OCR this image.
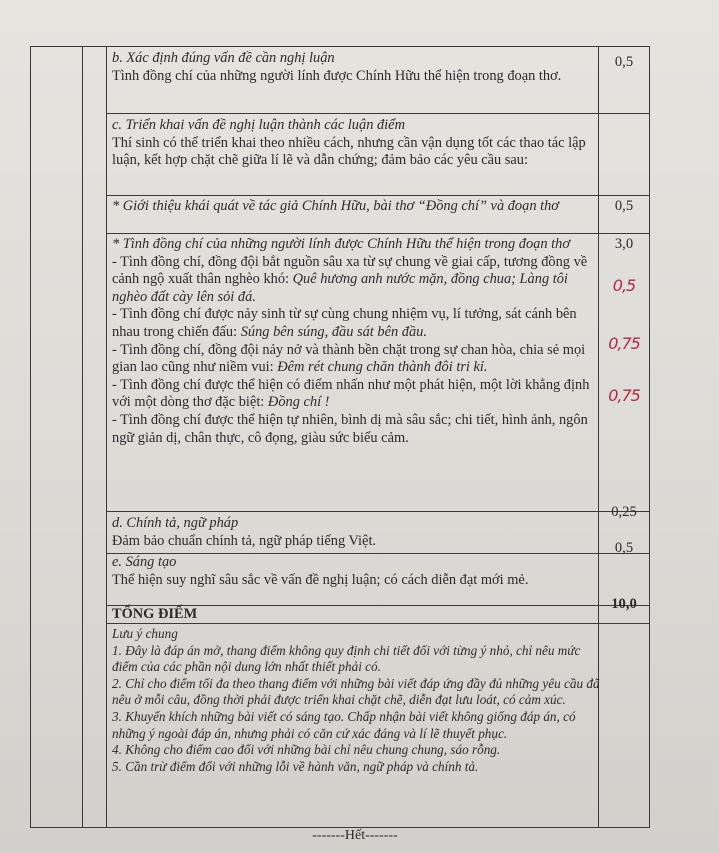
b. Xác định đúng vấn đề cần nghị luận

Tình đồng chí của những người lính được Chính Hữu thể hiện trong đoạn thơ.

0,5

c. Triển khai vấn đề nghị luận thành các luận điểm

Thí sinh có thể triển khai theo nhiều cách, nhưng cần vận dụng tốt các thao tác lập luận, kết hợp chặt chẽ giữa lí lẽ và dẫn chứng; đảm bảo các yêu cầu sau:

* Giới thiệu khái quát về tác giả Chính Hữu, bài thơ “Đồng chí” và đoạn thơ	0,5

* Tình đồng chí của những người lính được Chính Hữu thể hiện trong đoạn thơ

- Tình đồng chí, đồng đội bắt nguồn sâu xa từ sự chung về giai cấp, tương đồng về cảnh ngộ xuất thân nghèo khó: Quê hương anh nước mặn, đồng chua; Làng tôi nghèo đất cày lên sỏi đá.

- Tình đồng chí được nảy sinh từ sự cùng chung nhiệm vụ, lí tưởng, sát cánh bên nhau trong chiến đấu: Súng bên súng, đầu sát bên đầu.

- Tình đồng chí, đồng đội nảy nở và thành bền chặt trong sự chan hòa, chia sẻ mọi gian lao cũng như niềm vui: Đêm rét chung chăn thành đôi tri kỉ.

- Tình đồng chí được thể hiện có điểm nhấn như một phát hiện, một lời khẳng định với một dòng thơ đặc biệt: Đồng chí !

- Tình đồng chí được thể hiện tự nhiên, bình dị mà sâu sắc; chi tiết, hình ảnh, ngôn ngữ giản dị, chân thực, cô đọng, giàu sức biểu cảm.

3,0
0,5
0,75
0,75

d. Chính tả, ngữ pháp

Đảm bảo chuẩn chính tả, ngữ pháp tiếng Việt.

0,25

e. Sáng tạo

Thể hiện suy nghĩ sâu sắc về vấn đề nghị luận; có cách diễn đạt mới mẻ.

0,5
TỔNG ĐIỂM
10,0

Lưu ý chung

1. Đây là đáp án mở, thang điểm không quy định chi tiết đối với từng ý nhỏ, chỉ nêu mức điểm của các phần nội dung lớn nhất thiết phải có.

2. Chỉ cho điểm tối đa theo thang điểm với những bài viết đáp ứng đầy đủ những yêu cầu đã nêu ở mỗi câu, đồng thời phải được triển khai chặt chẽ, diễn đạt lưu loát, có cảm xúc.

3. Khuyến khích những bài viết có sáng tạo. Chấp nhận bài viết không giống đáp án, có những ý ngoài đáp án, nhưng phải có căn cứ xác đáng và lí lẽ thuyết phục.

4. Không cho điểm cao đối với những bài chỉ nêu chung chung, sáo rỗng.

5. Cần trừ điểm đối với những lỗi về hành văn, ngữ pháp và chính tả.

-------Hết-------
